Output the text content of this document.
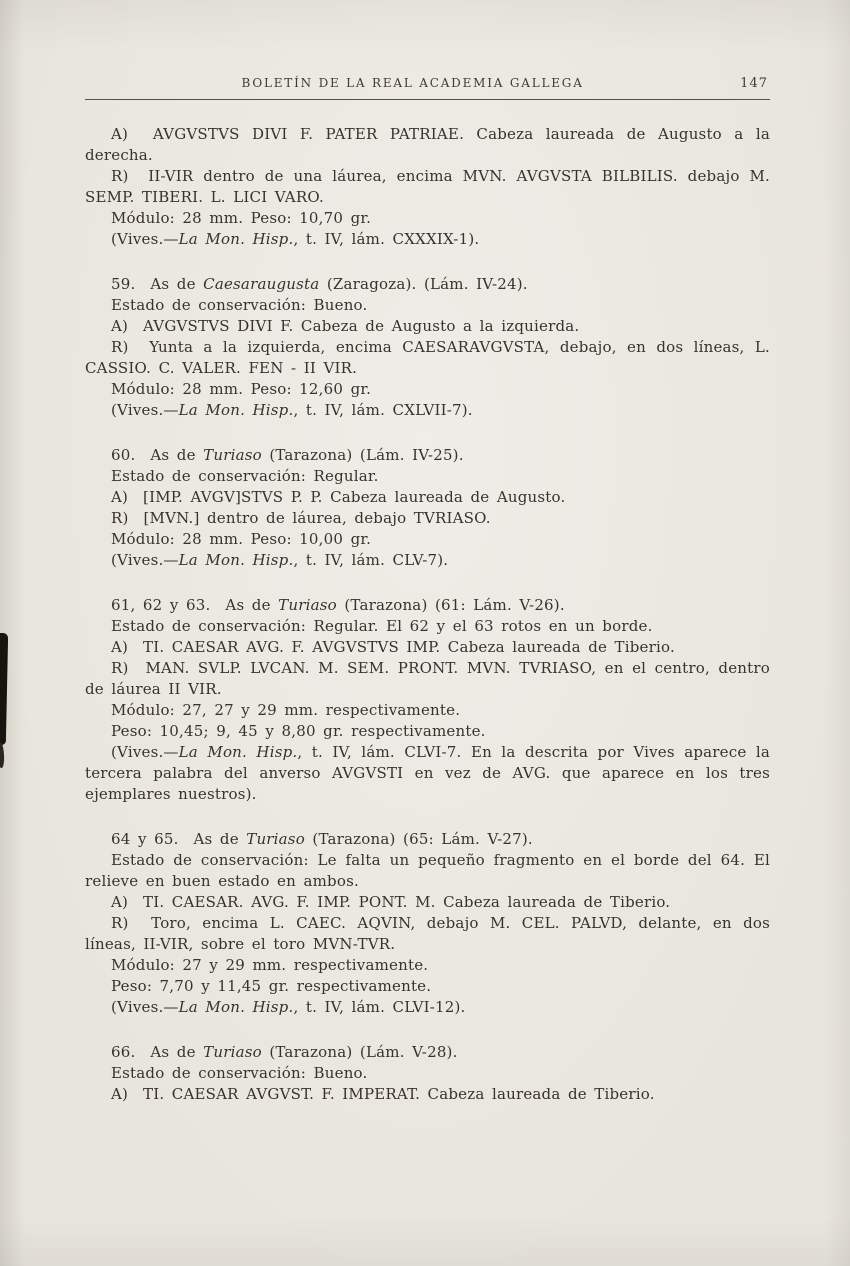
BOLETÍN DE LA REAL ACADEMIA GALLEGA	147

A)  AVGVSTVS DIVI F. PATER PATRIAE. Cabeza laureada de Augusto a la derecha.

R)  II-VIR dentro de una láurea, encima MVN. AVGVSTA BILBILIS. debajo M. SEMP. TIBERI. L. LICI VARO.

Módulo: 28 mm. Peso: 10,70 gr.

(Vives.—La Mon. Hisp., t. IV, lám. CXXXIX-1).

59.  As de Caesaraugusta (Zaragoza). (Lám. IV-24).

Estado de conservación: Bueno.

A)  AVGVSTVS DIVI F. Cabeza de Augusto a la izquierda.

R)  Yunta a la izquierda, encima CAESARAVGVSTA, debajo, en dos líneas, L. CASSIO. C. VALER. FEN - II VIR.

Módulo: 28 mm. Peso: 12,60 gr.

(Vives.—La Mon. Hisp., t. IV, lám. CXLVII-7).

60.  As de Turiaso (Tarazona) (Lám. IV-25).

Estado de conservación: Regular.

A)  [IMP. AVGV]STVS P. P. Cabeza laureada de Augusto.

R)  [MVN.] dentro de láurea, debajo TVRIASO.

Módulo: 28 mm. Peso: 10,00 gr.

(Vives.—La Mon. Hisp., t. IV, lám. CLV-7).

61, 62 y 63.  As de Turiaso (Tarazona) (61: Lám. V-26).

Estado de conservación: Regular. El 62 y el 63 rotos en un borde.

A)  TI. CAESAR AVG. F. AVGVSTVS IMP. Cabeza laureada de Tiberio.

R)  MAN. SVLP. LVCAN. M. SEM. PRONT. MVN. TVRIASO, en el centro, dentro de láurea II VIR.

Módulo: 27, 27 y 29 mm. respectivamente.

Peso: 10,45; 9, 45 y 8,80 gr. respectivamente.

(Vives.—La Mon. Hisp., t. IV, lám. CLVI-7. En la descrita por Vives aparece la tercera palabra del anverso AVGVSTI en vez de AVG. que aparece en los tres ejemplares nuestros).

64 y 65.  As de Turiaso (Tarazona) (65: Lám. V-27).

Estado de conservación: Le falta un pequeño fragmento en el borde del 64. El relieve en buen estado en ambos.

A)  TI. CAESAR. AVG. F. IMP. PONT. M. Cabeza laureada de Tiberio.

R)  Toro, encima L. CAEC. AQVIN, debajo M. CEL. PALVD, delante, en dos líneas, II-VIR, sobre el toro MVN-TVR.

Módulo: 27 y 29 mm. respectivamente.

Peso: 7,70 y 11,45 gr. respectivamente.

(Vives.—La Mon. Hisp., t. IV, lám. CLVI-12).

66.  As de Turiaso (Tarazona) (Lám. V-28).

Estado de conservación: Bueno.

A)  TI. CAESAR AVGVST. F. IMPERAT. Cabeza laureada de Tiberio.
